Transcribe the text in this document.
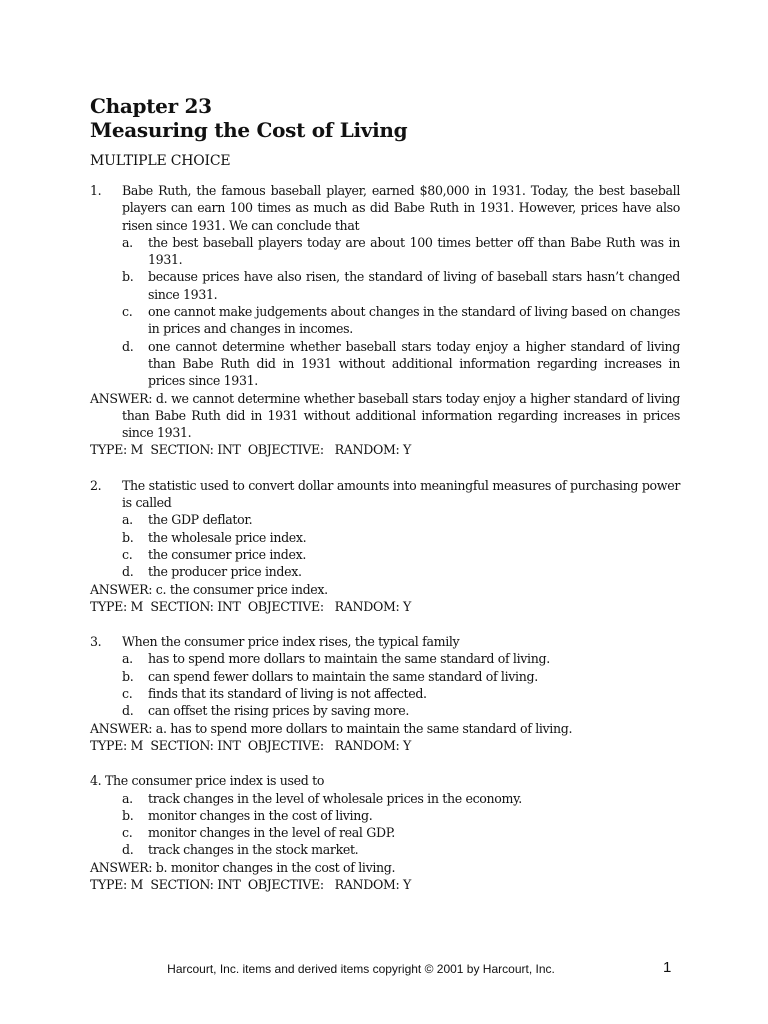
Chapter 23
Measuring the Cost of Living
MULTIPLE CHOICE
1.	Babe Ruth, the famous baseball player, earned $80,000 in 1931. Today, the best baseball players can earn 100 times as much as did Babe Ruth in 1931. However, prices have also risen since 1931. We can conclude that
a.	the best baseball players today are about 100 times better off than Babe Ruth was in 1931.
b.	because prices have also risen, the standard of living of baseball stars hasn’t changed since 1931.
c.	one cannot make judgements about changes in the standard of living based on changes in prices and changes in incomes.
d.	one cannot determine whether baseball stars today enjoy a higher standard of living than Babe Ruth did in 1931 without additional information regarding increases in prices since 1931.
ANSWER: d. we cannot determine whether baseball stars today enjoy a higher standard of living than Babe Ruth did in 1931 without additional information regarding increases in prices since 1931.
TYPE: M  SECTION: INT  OBJECTIVE:   RANDOM: Y
2.	The statistic used to convert dollar amounts into meaningful measures of purchasing power is called
a.	the GDP deflator.
b.	the wholesale price index.
c.	the consumer price index.
d.	the producer price index.
ANSWER: c. the consumer price index.
TYPE: M  SECTION: INT  OBJECTIVE:   RANDOM: Y
3.	When the consumer price index rises, the typical family
a.	has to spend more dollars to maintain the same standard of living.
b.	can spend fewer dollars to maintain the same standard of living.
c.	finds that its standard of living is not affected.
d.	can offset the rising prices by saving more.
ANSWER: a. has to spend more dollars to maintain the same standard of living.
TYPE: M  SECTION: INT  OBJECTIVE:   RANDOM: Y
4. The consumer price index is used to
a.	track changes in the level of wholesale prices in the economy.
b.	monitor changes in the cost of living.
c.	monitor changes in the level of real GDP.
d.	track changes in the stock market.
ANSWER: b. monitor changes in the cost of living.
TYPE: M  SECTION: INT  OBJECTIVE:   RANDOM: Y
Harcourt, Inc. items and derived items copyright © 2001 by Harcourt, Inc.	1
